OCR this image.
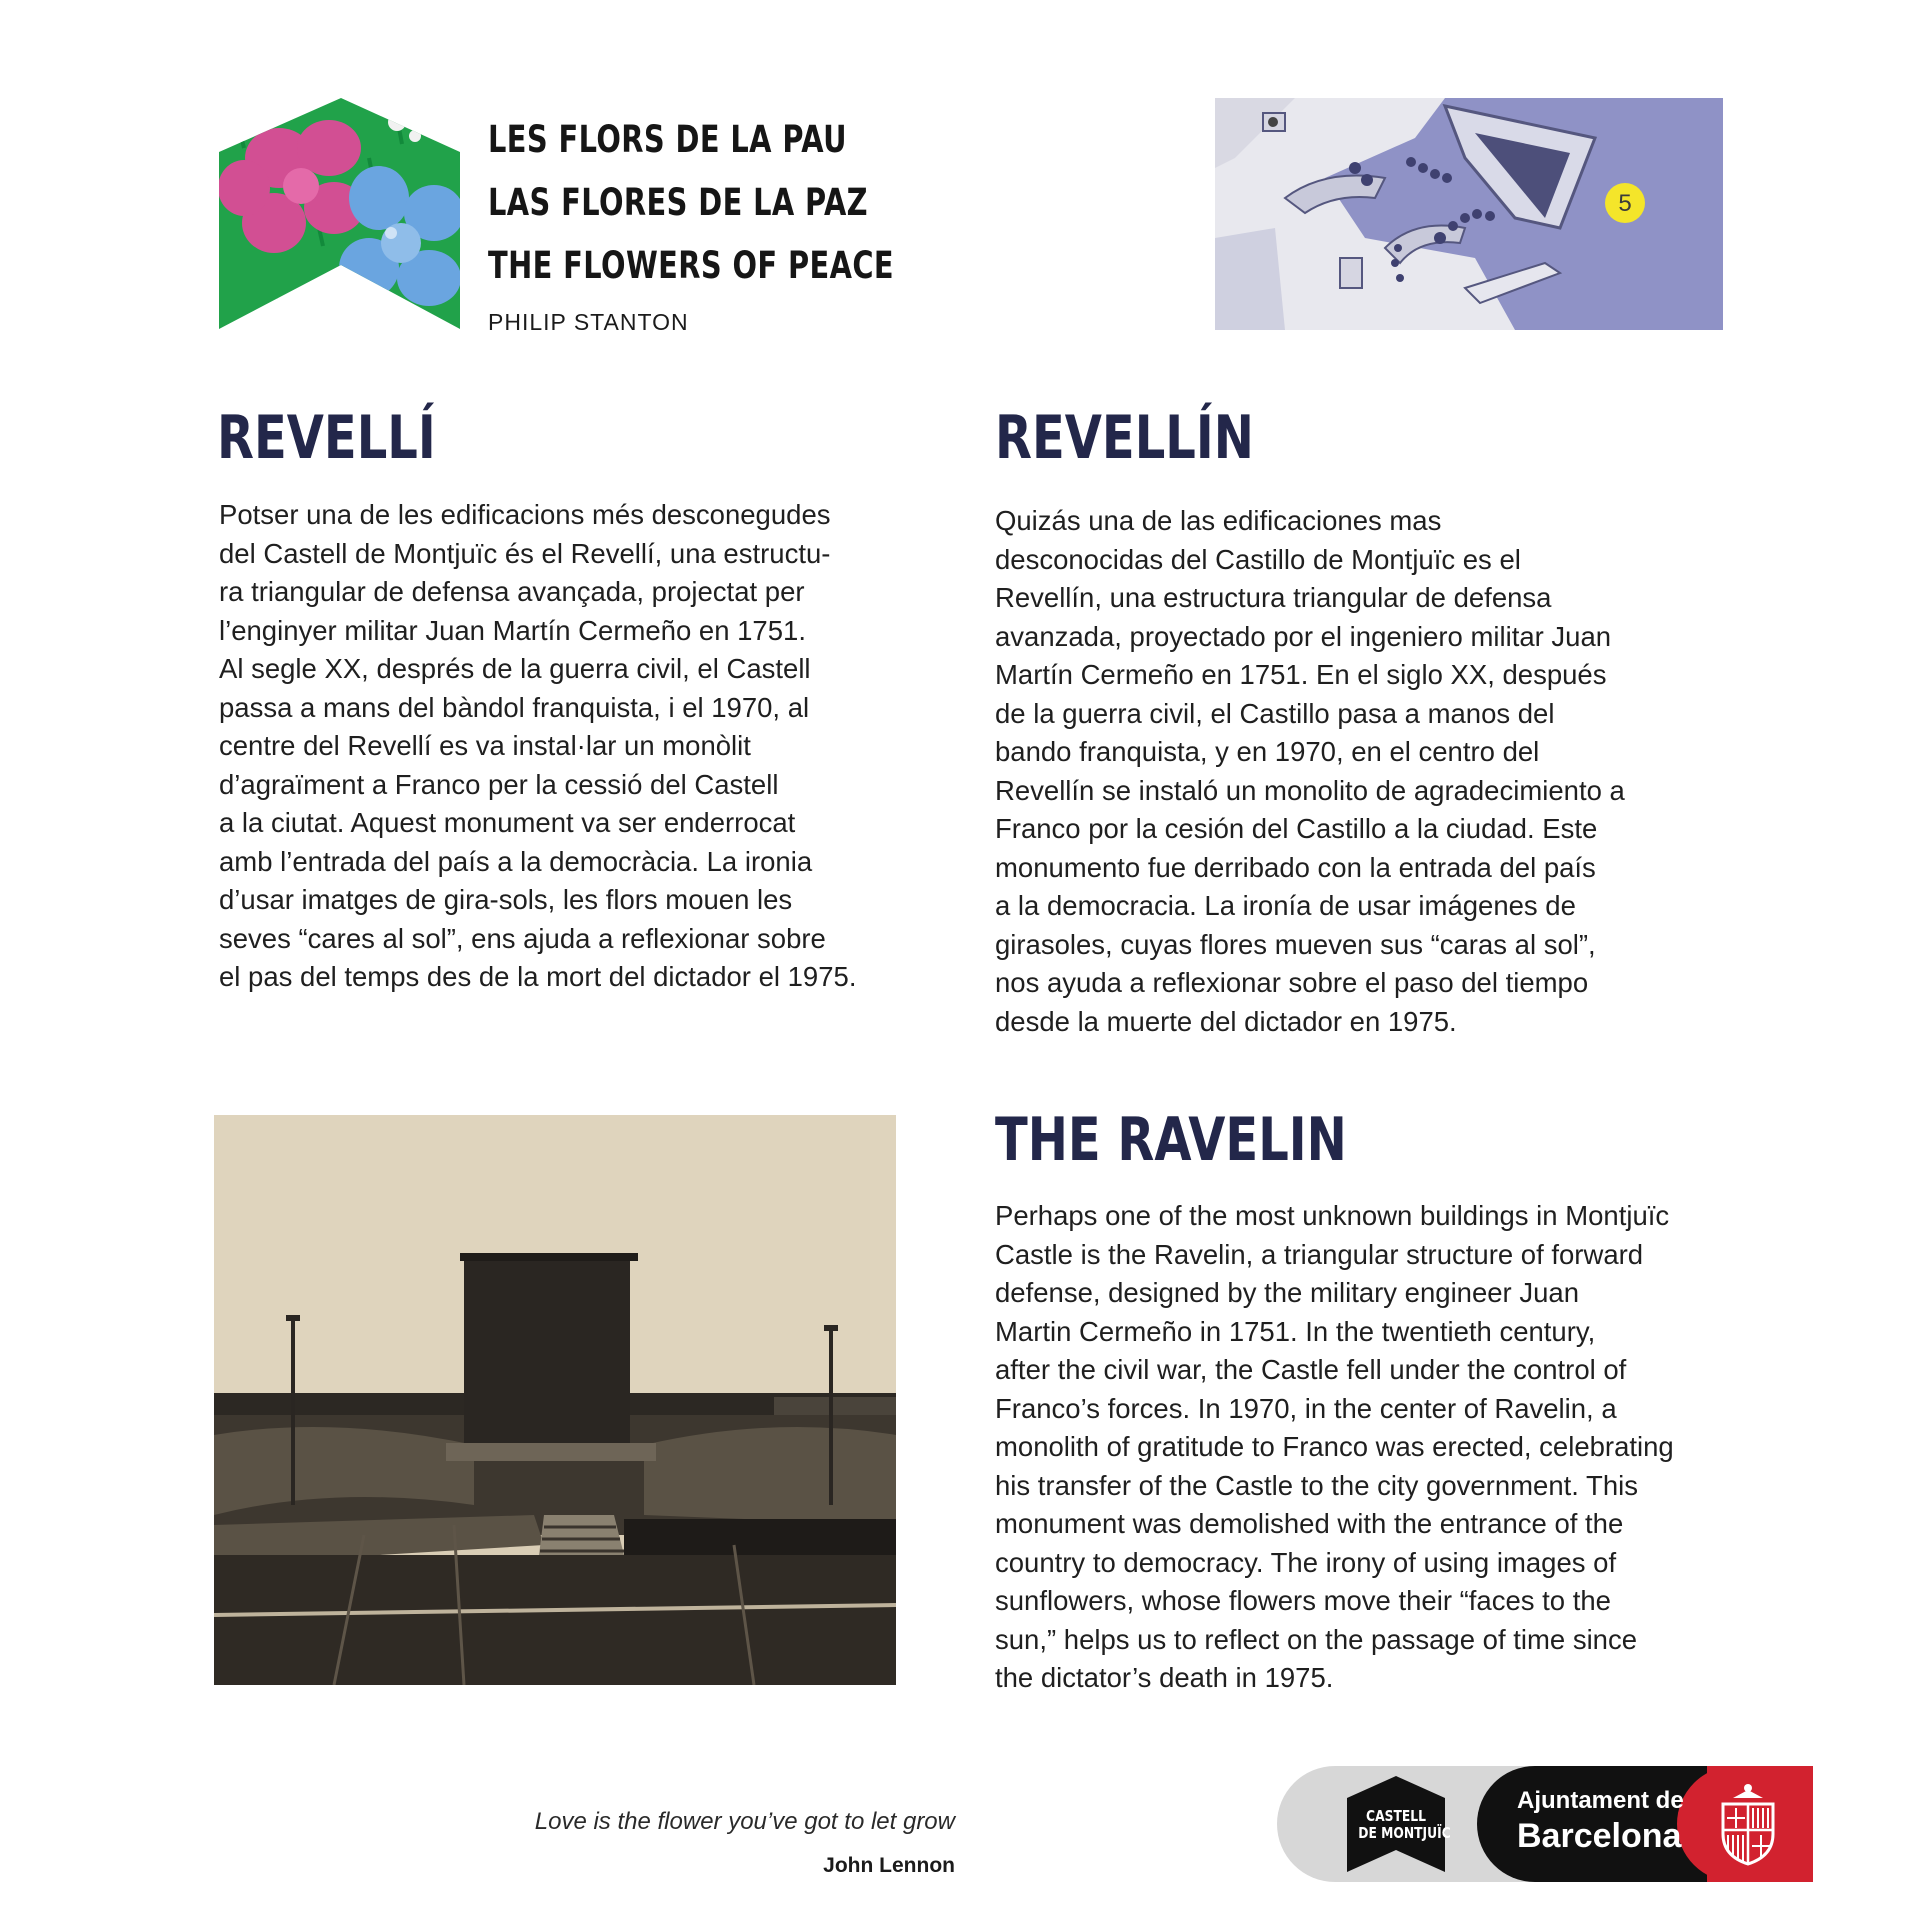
LES FLORS DE LA PAU
LAS FLORES DE LA PAZ
THE FLOWERS OF PEACE
PHILIP STANTON
5
REVELLÍ
Potser una de les edificacions més desconegudes
del Castell de Montjuïc és el Revellí, una estructu-
ra triangular de defensa avançada, projectat per
l’enginyer militar Juan Martín Cermeño en 1751.
Al segle XX, després de la guerra civil, el Castell
passa a mans del bàndol franquista, i el 1970, al
centre del Revellí es va instal·lar un monòlit
d’agraïment a Franco per la cessió del Castell
a la ciutat. Aquest monument va ser enderrocat
amb l’entrada del país a la democràcia. La ironia
d’usar imatges de gira-sols, les flors mouen les
seves “cares al sol”, ens ajuda a reflexionar sobre
el pas del temps des de la mort del dictador el 1975.
REVELLÍN
Quizás una de las edificaciones mas
desconocidas del Castillo de Montjuïc es el
Revellín, una estructura triangular de defensa
avanzada, proyectado por el ingeniero militar Juan
Martín Cermeño en 1751. En el siglo XX, después
de la guerra civil, el Castillo pasa a manos del
bando franquista, y en 1970, en el centro del
Revellín se instaló un monolito de agradecimiento a
Franco por la cesión del Castillo a la ciudad. Este
monumento fue derribado con la entrada del país
a la democracia. La ironía de usar imágenes de
girasoles, cuyas flores mueven sus “caras al sol”,
nos ayuda a reflexionar sobre el paso del tiempo
desde la muerte del dictador en 1975.
THE RAVELIN
Perhaps one of the most unknown buildings in Montjuïc
Castle is the Ravelin, a triangular structure of forward
defense, designed by the military engineer Juan
Martin Cermeño in 1751. In the twentieth century,
after the civil war, the Castle fell under the control of
Franco’s forces. In 1970, in the center of Ravelin, a
monolith of gratitude to Franco was erected, celebrating
his transfer of the Castle to the city government. This
monument was demolished with the entrance of the
country to democracy. The irony of using images of
sunflowers, whose flowers move their “faces to the
sun,” helps us to reflect on the passage of time since
the dictator’s death in 1975.
Love is the flower you’ve got to let grow
John Lennon
CASTELL
DE MONTJUÏC
Ajuntament de
Barcelona
